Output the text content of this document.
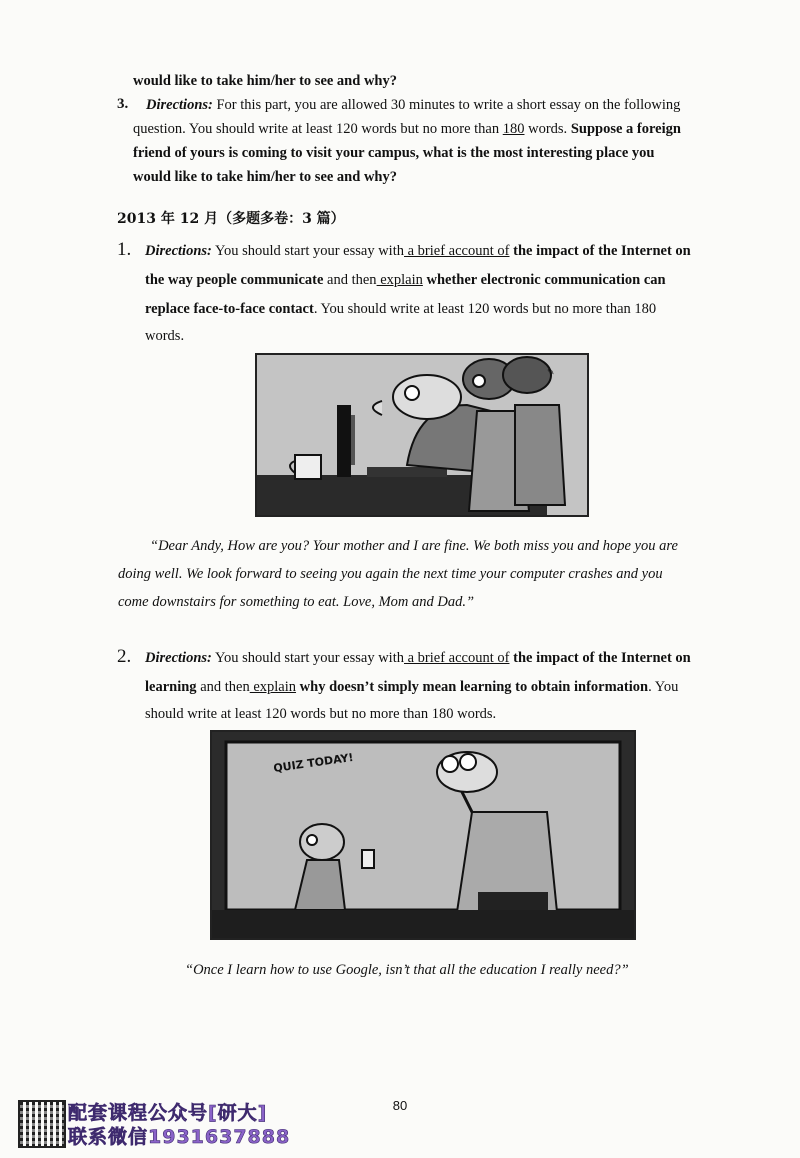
would like to take him/her to see and why?
3. Directions: For this part, you are allowed 30 minutes to write a short essay on the following
question. You should write at least 120 words but no more than 180 words. Suppose a foreign
friend of yours is coming to visit your campus, what is the most interesting place you
would like to take him/her to see and why?
2013 年 12 月（多题多卷：3 篇）
1. Directions: You should start your essay with a brief account of the impact of the Internet on
the way people communicate and then explain whether electronic communication can
replace face-to-face contact. You should write at least 120 words but no more than 180
words.
✎
“Dear Andy, How are you? Your mother and I are fine. We both miss you and hope you are
doing well. We look forward to seeing you again the next time your computer crashes and you
come downstairs for something to eat. Love, Mom and Dad.”
2. Directions: You should start your essay with a brief account of the impact of the Internet on
learning and then explain why doesn’t simply mean learning to obtain information. You
should write at least 120 words but no more than 180 words.
QUIZ TODAY!
“Once I learn how to use Google, isn’t that all the education I really need?”
80
配套课程公众号[研大]
联系微信1931637888
